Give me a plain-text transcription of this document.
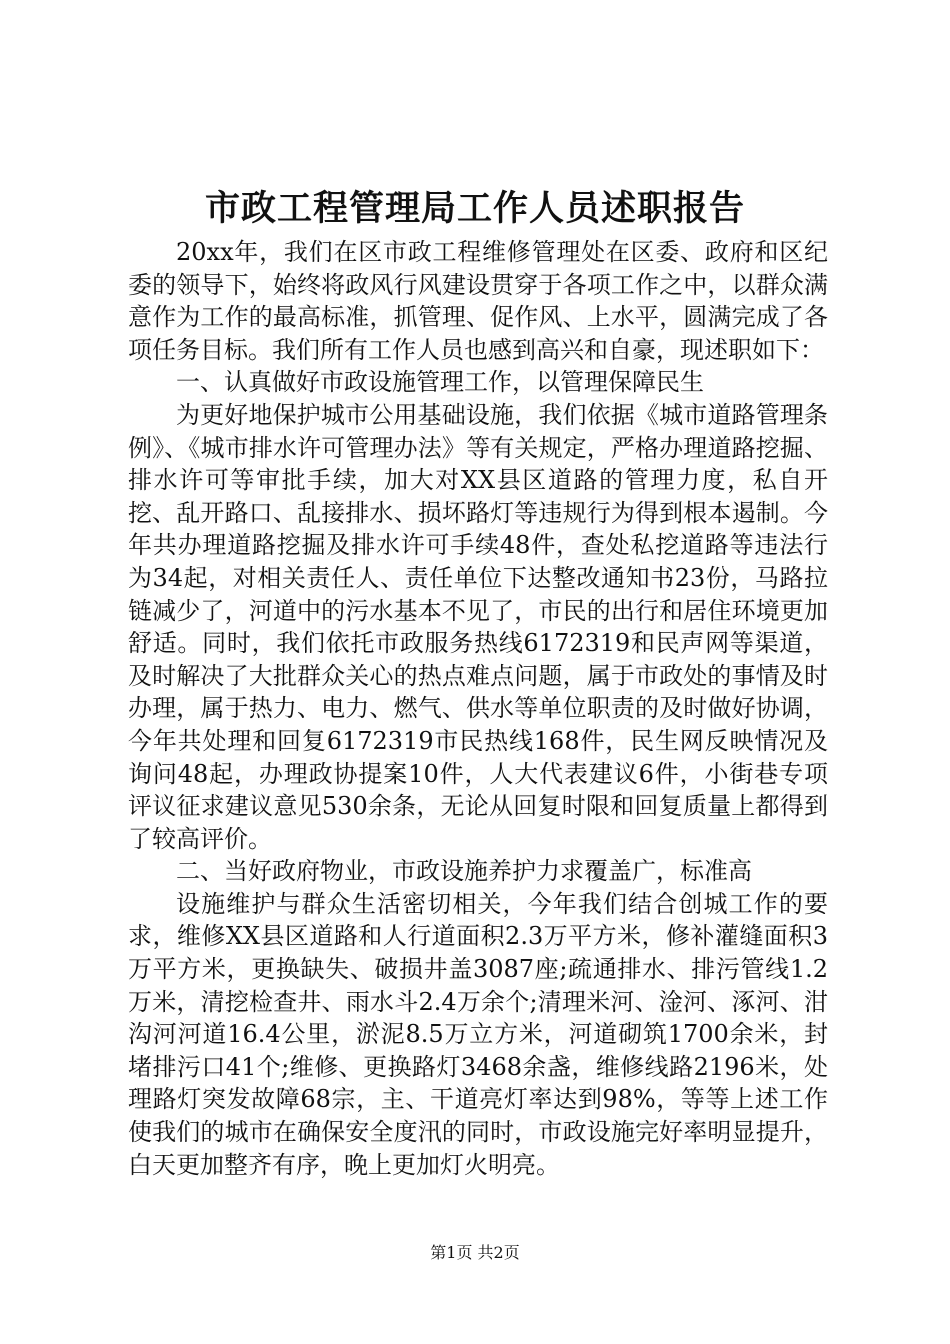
市政工程管理局工作人员述职报告

20xx年，我们在区市政工程维修管理处在区委、政府和区纪委的领导下，始终将政风行风建设贯穿于各项工作之中，以群众满意作为工作的最高标准，抓管理、促作风、上水平，圆满完成了各项任务目标。我们所有工作人员也感到高兴和自豪，现述职如下：

一、认真做好市政设施管理工作，以管理保障民生

为更好地保护城市公用基础设施，我们依据《城市道路管理条例》、《城市排水许可管理办法》等有关规定，严格办理道路挖掘、排水许可等审批手续，加大对XX县区道路的管理力度，私自开挖、乱开路口、乱接排水、损坏路灯等违规行为得到根本遏制。今年共办理道路挖掘及排水许可手续48件，查处私挖道路等违法行为34起，对相关责任人、责任单位下达整改通知书23份，马路拉链减少了，河道中的污水基本不见了，市民的出行和居住环境更加舒适。同时，我们依托市政服务热线6172319和民声网等渠道，及时解决了大批群众关心的热点难点问题，属于市政处的事情及时办理，属于热力、电力、燃气、供水等单位职责的及时做好协调，今年共处理和回复6172319市民热线168件，民生网反映情况及询问48起，办理政协提案10件，人大代表建议6件，小街巷专项评议征求建议意见530余条，无论从回复时限和回复质量上都得到了较高评价。

二、当好政府物业，市政设施养护力求覆盖广，标准高

设施维护与群众生活密切相关，今年我们结合创城工作的要求，维修XX县区道路和人行道面积2.3万平方米，修补灌缝面积3万平方米，更换缺失、破损井盖3087座;疏通排水、排污管线1.2万米，清挖检查井、雨水斗2.4万余个;清理米河、淦河、涿河、泔沟河河道16.4公里，淤泥8.5万立方米，河道砌筑1700余米，封堵排污口41个;维修、更换路灯3468余盏，维修线路2196米，处理路灯突发故障68宗，主、干道亮灯率达到98%，等等上述工作使我们的城市在确保安全度汛的同时，市政设施完好率明显提升，白天更加整齐有序，晚上更加灯火明亮。

第1页 共2页
